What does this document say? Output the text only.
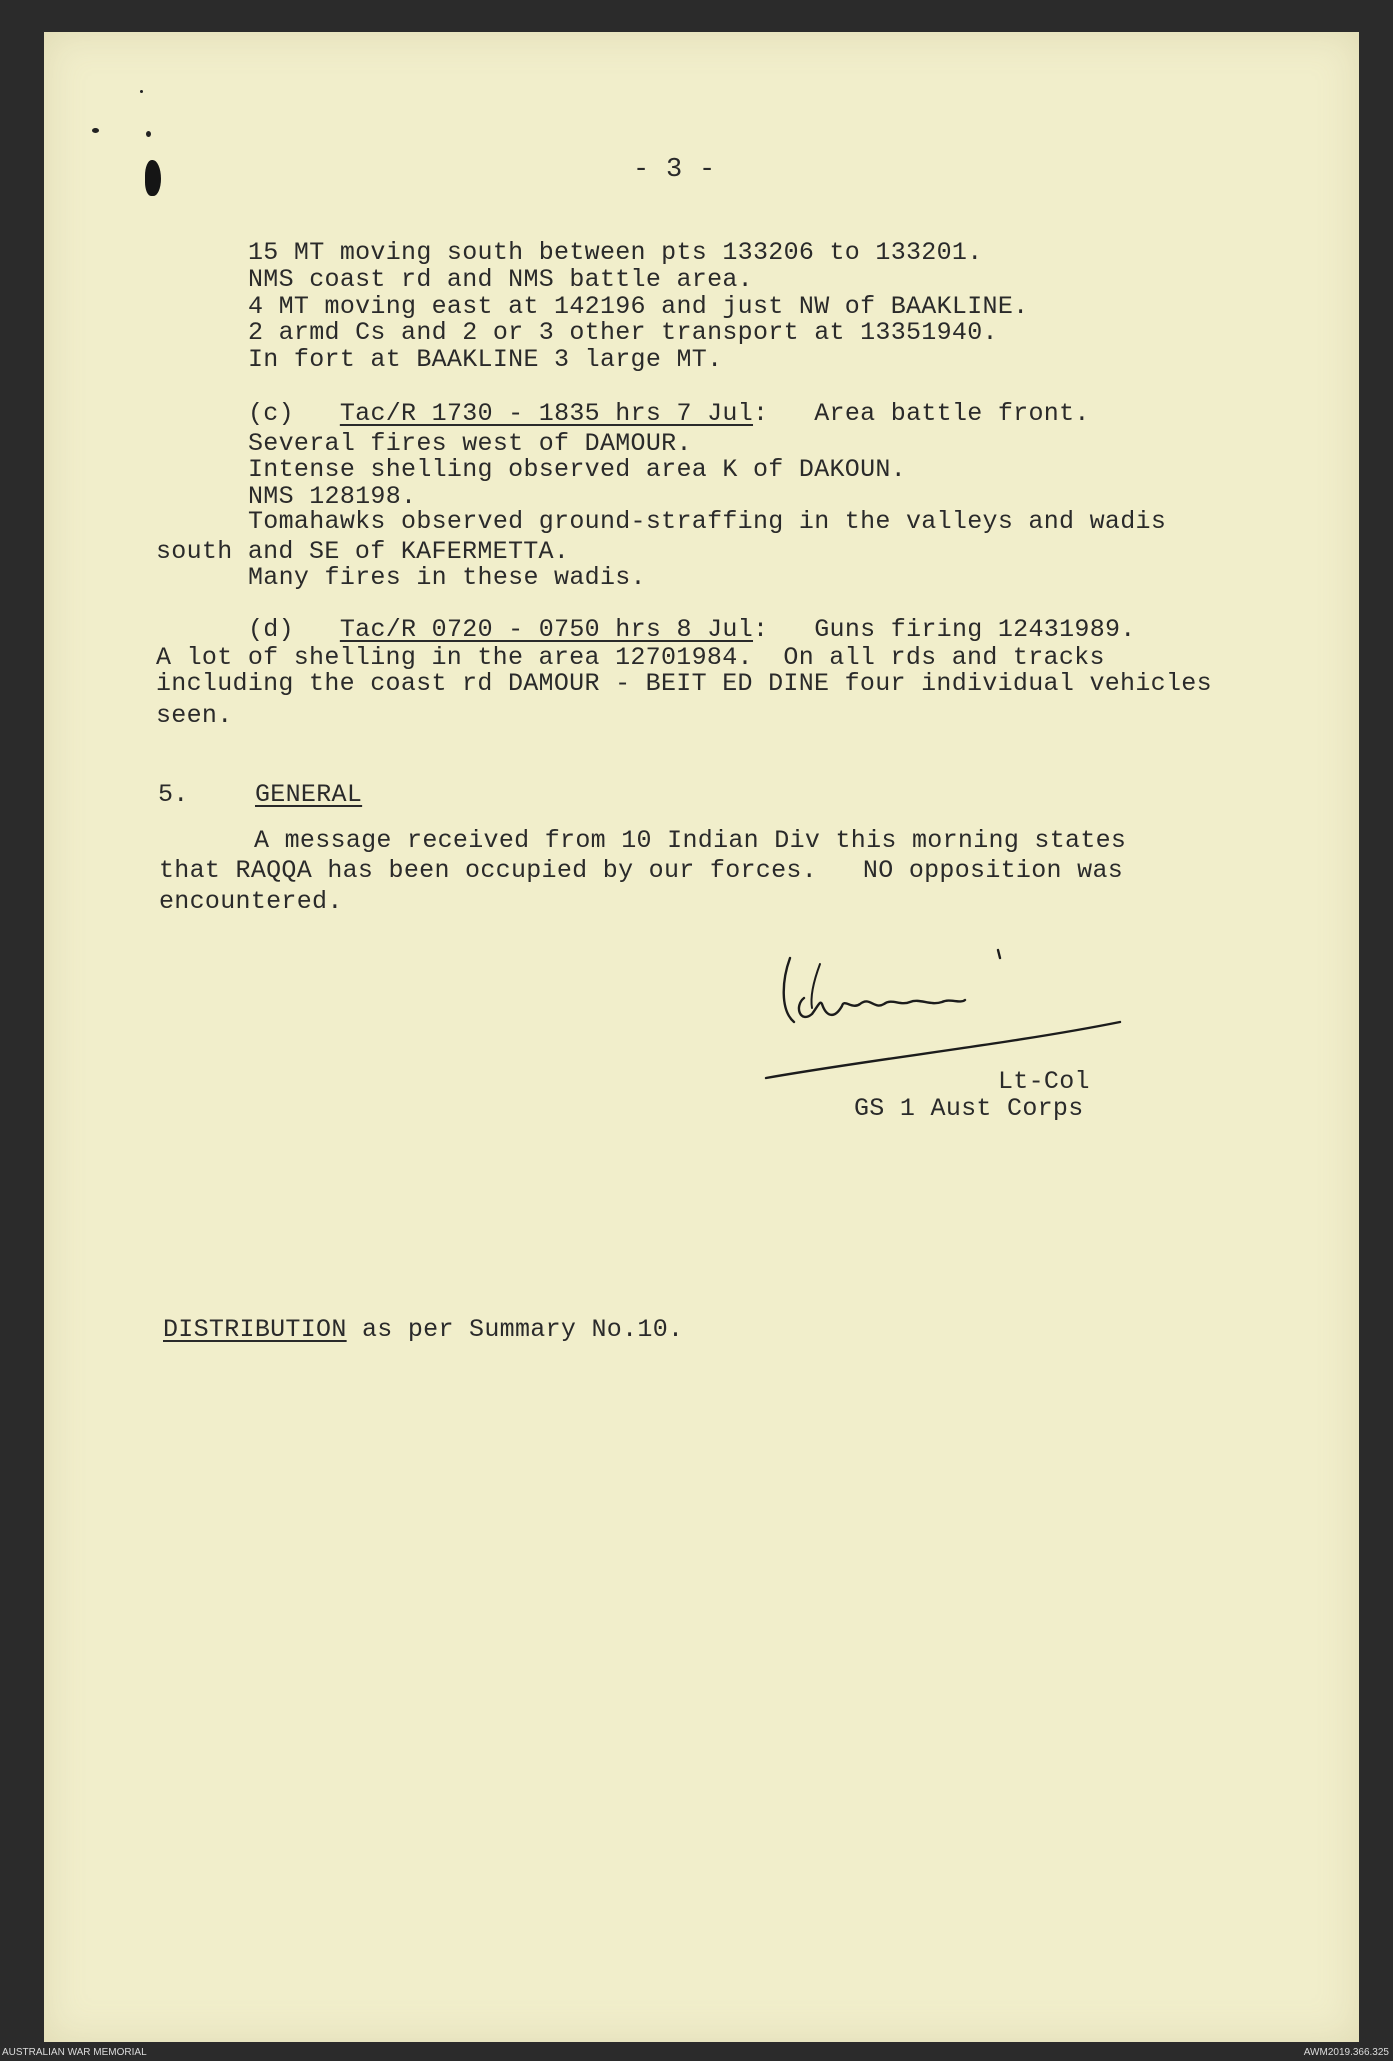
- 3 -
15 MT moving south between pts 133206 to 133201.
NMS coast rd and NMS battle area.
4 MT moving east at 142196 and just NW of BAAKLINE.
2 armd Cs and 2 or 3 other transport at 13351940.
In fort at BAAKLINE 3 large MT.
(c) Tac/R 1730 - 1835 hrs 7 Jul: Area battle front.
Several fires west of DAMOUR.
Intense shelling observed area K of DAKOUN.
NMS 128198.
Tomahawks observed ground-straffing in the valleys and wadis
south and SE of KAFERMETTA.
Many fires in these wadis.
(d) Tac/R 0720 - 0750 hrs 8 Jul: Guns firing 12431989.
A lot of shelling in the area 12701984.  On all rds and tracks
including the coast rd DAMOUR - BEIT ED DINE four individual vehicles
seen.
5.	GENERAL
A message received from 10 Indian Div this morning states
that RAQQA has been occupied by our forces.   NO opposition was
encountered.
Lt-Col
GS 1 Aust Corps
DISTRIBUTION as per Summary No.10.
AUSTRALIAN WAR MEMORIAL	AWM2019.366.325
